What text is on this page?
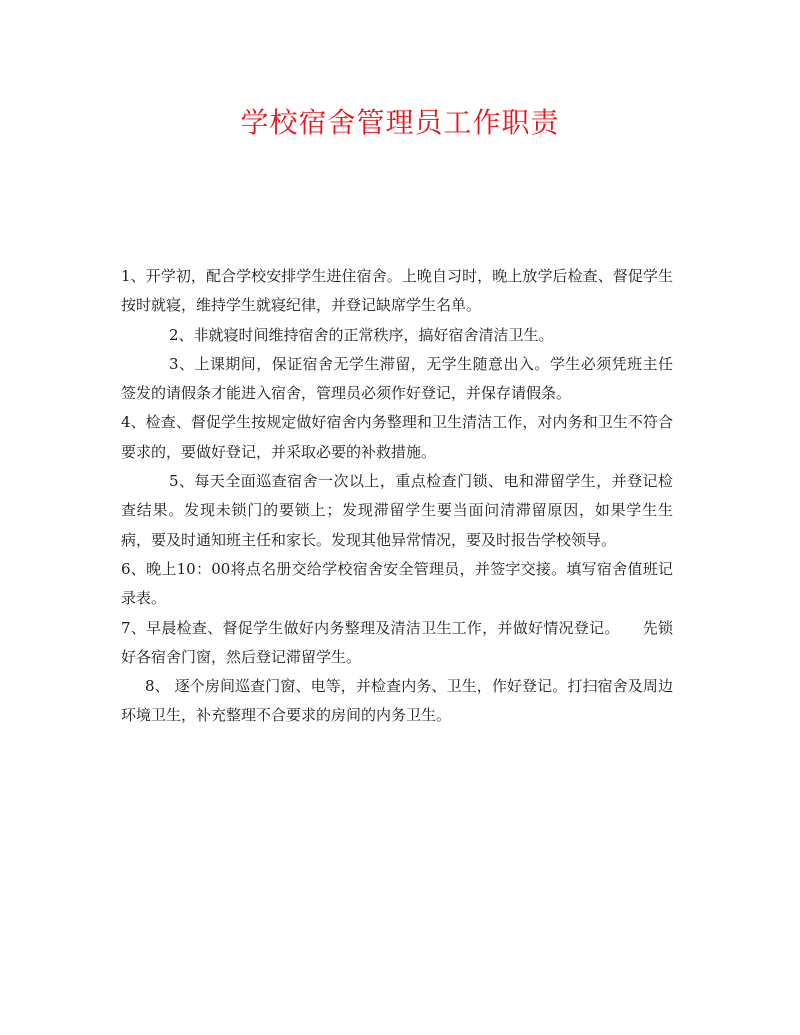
学校宿舍管理员工作职责

1、开学初，配合学校安排学生进住宿舍。上晚自习时，晚上放学后检查、督促学生按时就寝，维持学生就寝纪律，并登记缺席学生名单。

2、非就寝时间维持宿舍的正常秩序，搞好宿舍清洁卫生。

3、上课期间，保证宿舍无学生滞留，无学生随意出入。学生必须凭班主任签发的请假条才能进入宿舍，管理员必须作好登记，并保存请假条。

4、检查、督促学生按规定做好宿舍内务整理和卫生清洁工作，对内务和卫生不符合要求的，要做好登记，并采取必要的补救措施。

5、每天全面巡查宿舍一次以上，重点检查门锁、电和滞留学生，并登记检查结果。发现未锁门的要锁上；发现滞留学生要当面问清滞留原因，如果学生生病，要及时通知班主任和家长。发现其他异常情况，要及时报告学校领导。

6、晚上10：00将点名册交给学校宿舍安全管理员，并签字交接。填写宿舍值班记录表。

7、早晨检查、督促学生做好内务整理及清洁卫生工作，并做好情况登记。　　先锁好各宿舍门窗，然后登记滞留学生。

8、 逐个房间巡查门窗、电等，并检查内务、卫生，作好登记。打扫宿舍及周边环境卫生，补充整理不合要求的房间的内务卫生。
